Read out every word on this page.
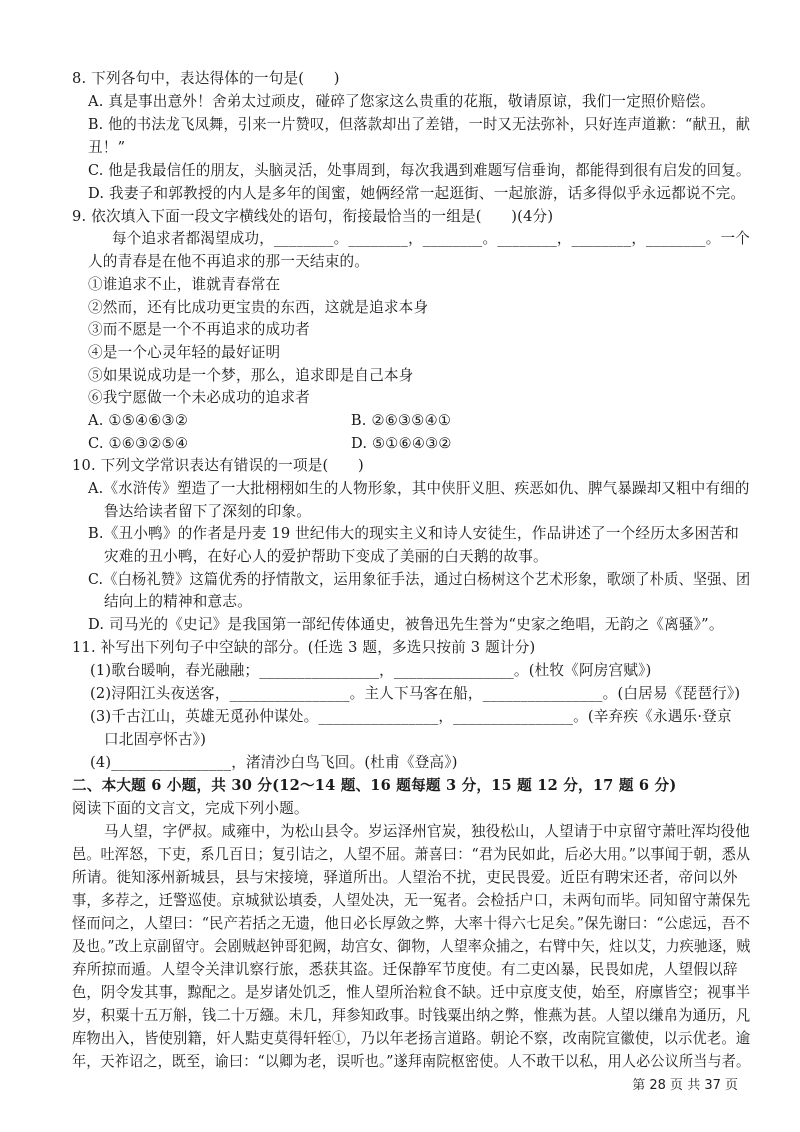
8. 下列各句中，表达得体的一句是(　　)
A. 真是事出意外！舍弟太过顽皮，碰碎了您家这么贵重的花瓶，敬请原谅，我们一定照价赔偿。
B. 他的书法龙飞凤舞，引来一片赞叹，但落款却出了差错，一时又无法弥补，只好连声道歉：“献丑，献
丑！”
C. 他是我最信任的朋友，头脑灵活，处事周到，每次我遇到难题写信垂询，都能得到很有启发的回复。
D. 我妻子和郭教授的内人是多年的闺蜜，她俩经常一起逛街、一起旅游，话多得似乎永远都说不完。
9. 依次填入下面一段文字横线处的语句，衔接最恰当的一组是(　　)(4分)
每个追求者都渴望成功，________。________，________。________，________，________。一个
人的青春是在他不再追求的那一天结束的。
①谁追求不止，谁就青春常在
②然而，还有比成功更宝贵的东西，这就是追求本身
③而不愿是一个不再追求的成功者
④是一个心灵年轻的最好证明
⑤如果说成功是一个梦，那么，追求即是自己本身
⑥我宁愿做一个未必成功的追求者
A. ①⑤④⑥③②　　　　　　　　　　　B. ②⑥③⑤④①
C. ①⑥③②⑤④　　　　　　　　　　　D. ⑤①⑥④③②
10. 下列文学常识表达有错误的一项是(　　)
A.《水浒传》塑造了一大批栩栩如生的人物形象，其中侠肝义胆、疾恶如仇、脾气暴躁却又粗中有细的
鲁达给读者留下了深刻的印象。
B.《丑小鸭》的作者是丹麦 19 世纪伟大的现实主义和诗人安徒生，作品讲述了一个经历太多困苦和
灾难的丑小鸭，在好心人的爱护帮助下变成了美丽的白天鹅的故事。
C.《白杨礼赞》这篇优秀的抒情散文，运用象征手法，通过白杨树这个艺术形象，歌颂了朴质、坚强、团
结向上的精神和意志。
D. 司马光的《史记》是我国第一部纪传体通史，被鲁迅先生誉为“史家之绝唱，无韵之《离骚》”。
11. 补写出下列句子中空缺的部分。(任选 3 题，多选只按前 3 题计分)
(1)歌台暖响，春光融融；________________，________________。(杜牧《阿房宫赋》)
(2)浔阳江头夜送客，________________。主人下马客在船，________________。(白居易《琵琶行》)
(3)千古江山，英雄无觅孙仲谋处。________________，________________。(辛弃疾《永遇乐·登京
口北固亭怀古》)
(4)________________，渚清沙白鸟飞回。(杜甫《登高》)
二、本大题 6 小题，共 30 分(12～14 题、16 题每题 3 分，15 题 12 分，17 题 6 分)
阅读下面的文言文，完成下列小题。
马人望，字俨叔。咸雍中，为松山县令。岁运泽州官炭，独役松山，人望请于中京留守萧吐浑均役他
邑。吐浑怒，下吏，系几百日；复引诘之，人望不屈。萧喜曰：“君为民如此，后必大用。”以事闻于朝，悉从
所请。徙知涿州新城县，县与宋接境，驿道所出。人望治不扰，吏民畏爱。近臣有聘宋还者，帝问以外
事，多荐之，迁警巡使。京城狱讼填委，人望处决，无一冤者。会检括户口，未两旬而毕。同知留守萧保先
怪而问之，人望曰：“民产若括之无遗，他日必长厚敛之弊，大率十得六七足矣。”保先谢曰：“公虑远，吾不
及也。”改上京副留守。会剧贼赵钟哥犯阙，劫宫女、御物，人望率众捕之，右臂中矢，炷以艾，力疾驰逐，贼
弃所掠而遁。人望令关津讥察行旅，悉获其盗。迁保静军节度使。有二吏凶暴，民畏如虎，人望假以辞
色，阴令发其事，黥配之。是岁诸处饥乏，惟人望所治粒食不缺。迁中京度支使，始至，府廪皆空；视事半
岁，积粟十五万斛，钱二十万繦。未几，拜参知政事。时钱粟出纳之弊，惟燕为甚。人望以缣帛为通历，凡
库物出入，皆使别籍，奸人黠吏莫得轩轾①，乃以年老扬言道路。朝论不察，改南院宣徽使，以示优老。逾
年，天祚诏之，既至，谕曰：“以卿为老，误听也。”遂拜南院枢密使。人不敢干以私，用人必公议所当与者。
第 28 页 共 37 页
